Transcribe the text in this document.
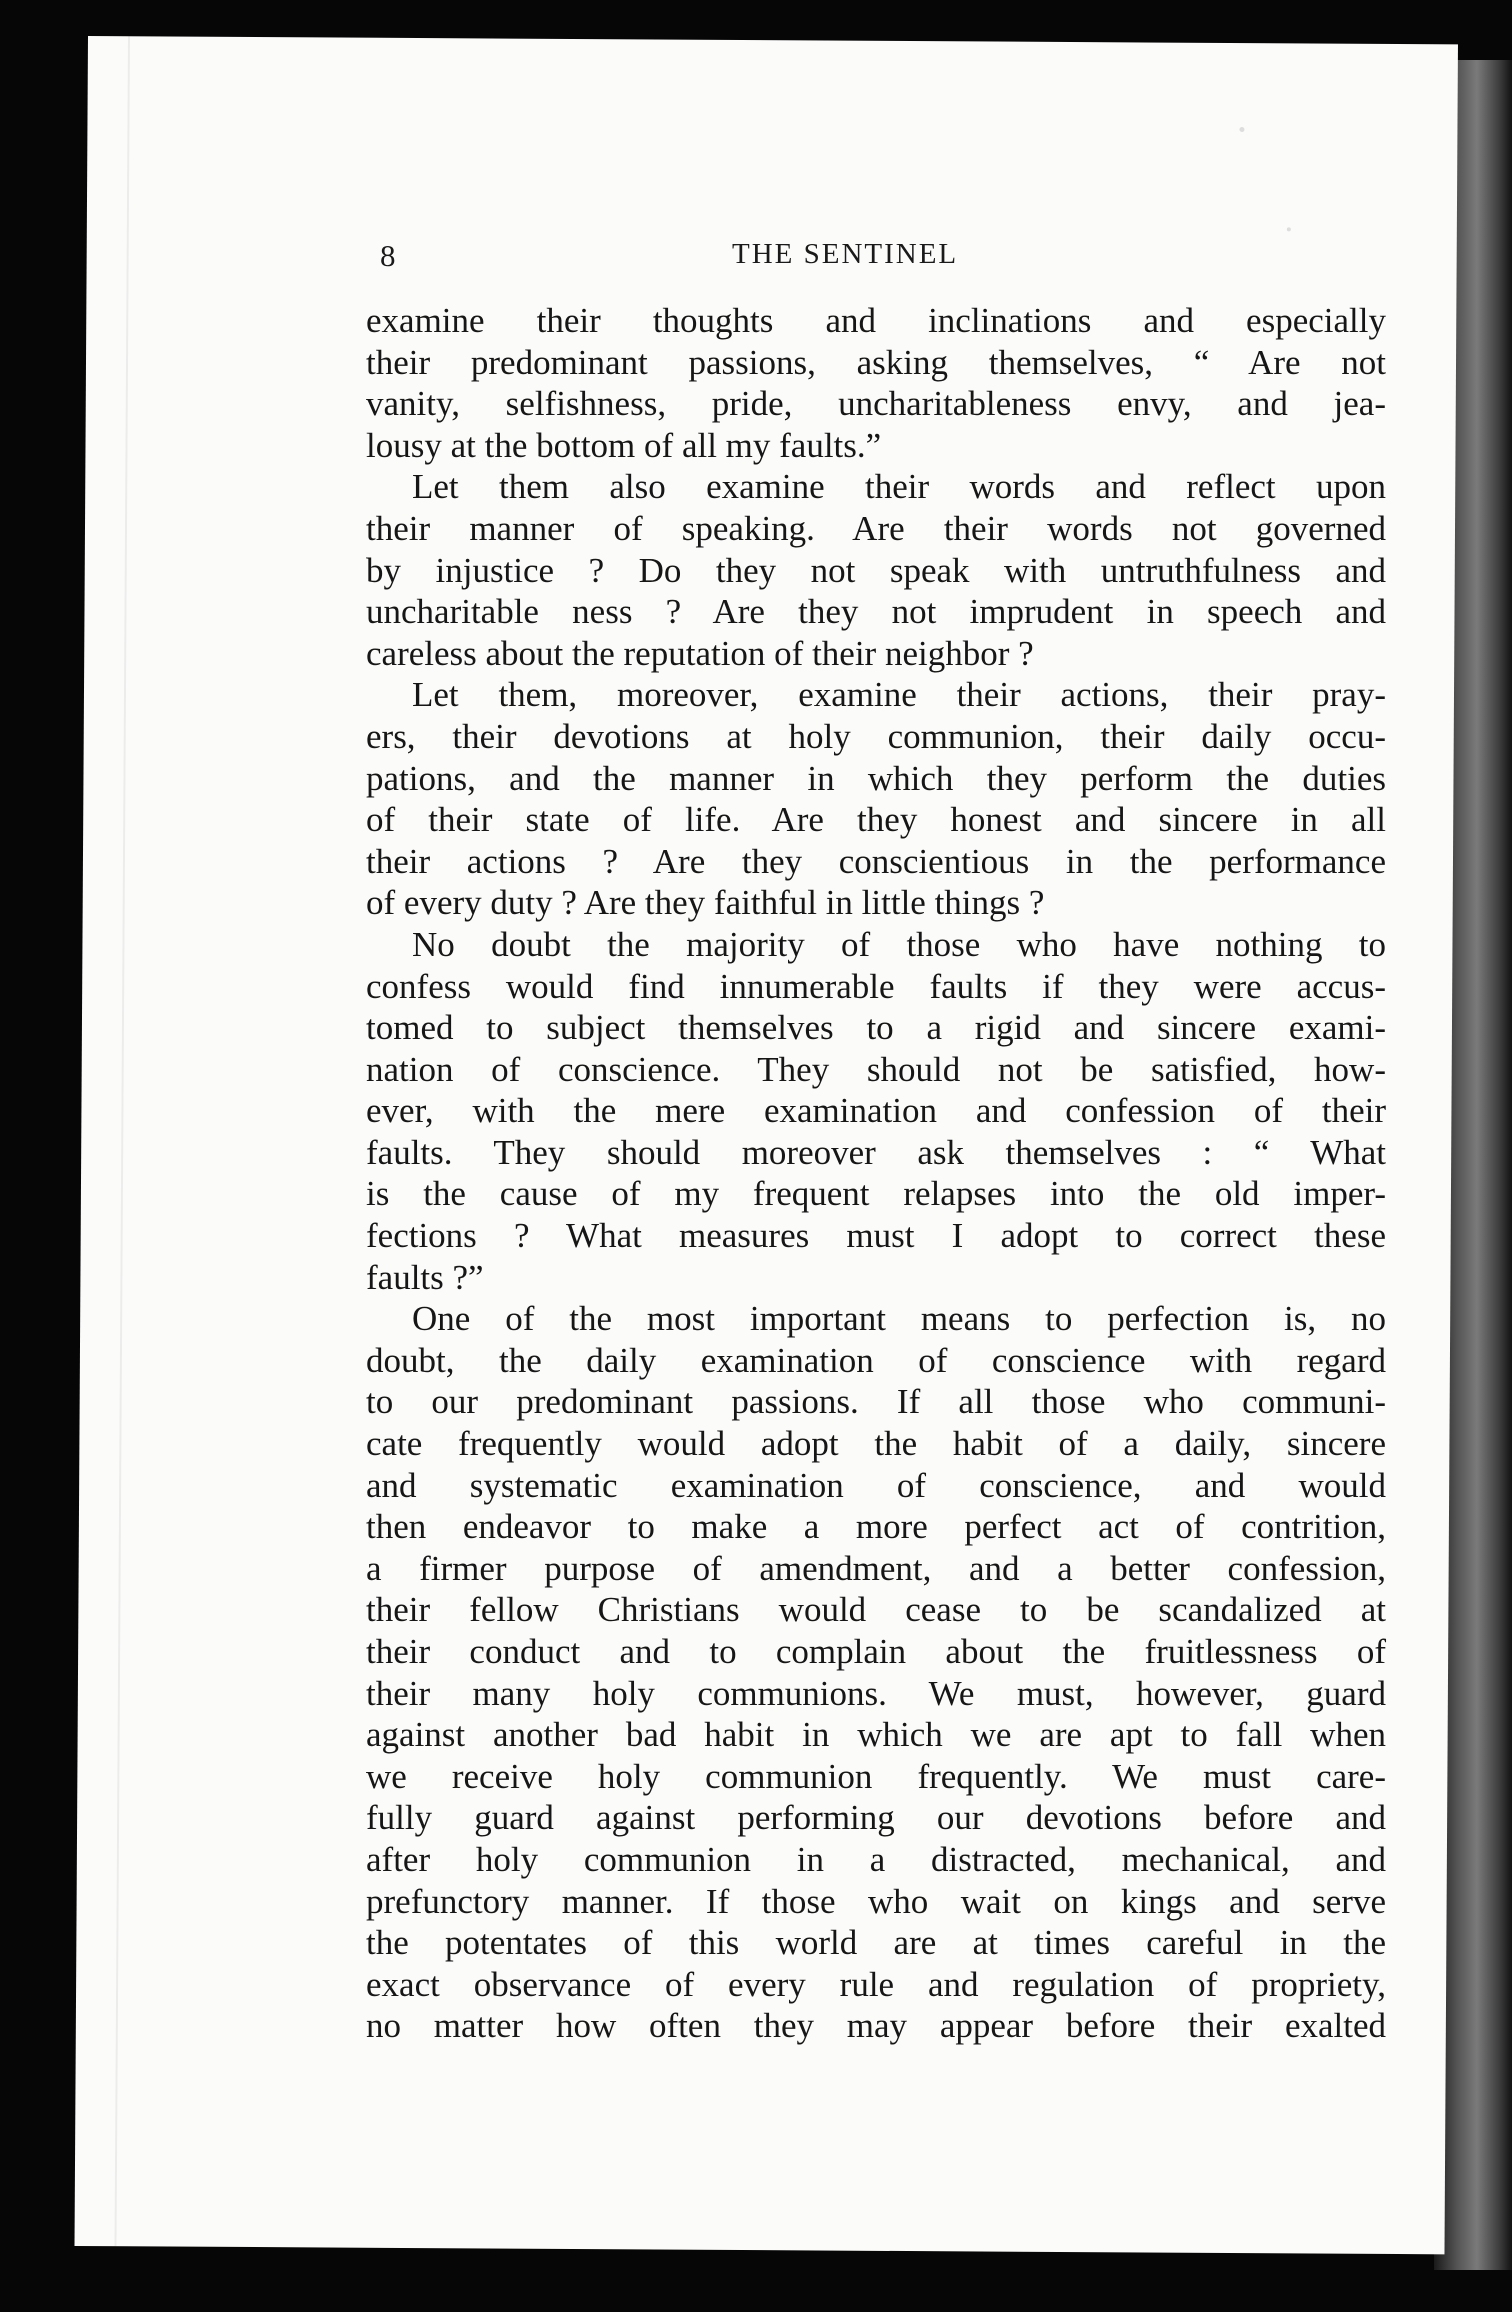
8	THE SENTINEL
examine their thoughts and inclinations and especially
their predominant passions, asking themselves, “ Are not
vanity, selfishness, pride, uncharitableness envy, and jea-
lousy at the bottom of all my faults.”
Let them also examine their words and reflect upon
their manner of speaking. Are their words not governed
by injustice ? Do they not speak with untruthfulness and
uncharitable ness ? Are they not imprudent in speech and
careless about the reputation of their neighbor ?
Let them, moreover, examine their actions, their pray-
ers, their devotions at holy communion, their daily occu-
pations, and the manner in which they perform the duties
of their state of life. Are they honest and sincere in all
their actions ? Are they conscientious in the performance
of every duty ? Are they faithful in little things ?
No doubt the majority of those who have nothing to
confess would find innumerable faults if they were accus-
tomed to subject themselves to a rigid and sincere exami-
nation of conscience. They should not be satisfied, how-
ever, with the mere examination and confession of their
faults. They should moreover ask themselves : “ What
is the cause of my frequent relapses into the old imper-
fections ? What measures must I adopt to correct these
faults ?”
One of the most important means to perfection is, no
doubt, the daily examination of conscience with regard
to our predominant passions. If all those who communi-
cate frequently would adopt the habit of a daily, sincere
and systematic examination of conscience, and would
then endeavor to make a more perfect act of contrition,
a firmer purpose of amendment, and a better confession,
their fellow Christians would cease to be scandalized at
their conduct and to complain about the fruitlessness of
their many holy communions. We must, however, guard
against another bad habit in which we are apt to fall when
we receive holy communion frequently. We must care-
fully guard against performing our devotions before and
after holy communion in a distracted, mechanical, and
prefunctory manner. If those who wait on kings and serve
the potentates of this world are at times careful in the
exact observance of every rule and regulation of propriety,
no matter how often they may appear before their exalted
